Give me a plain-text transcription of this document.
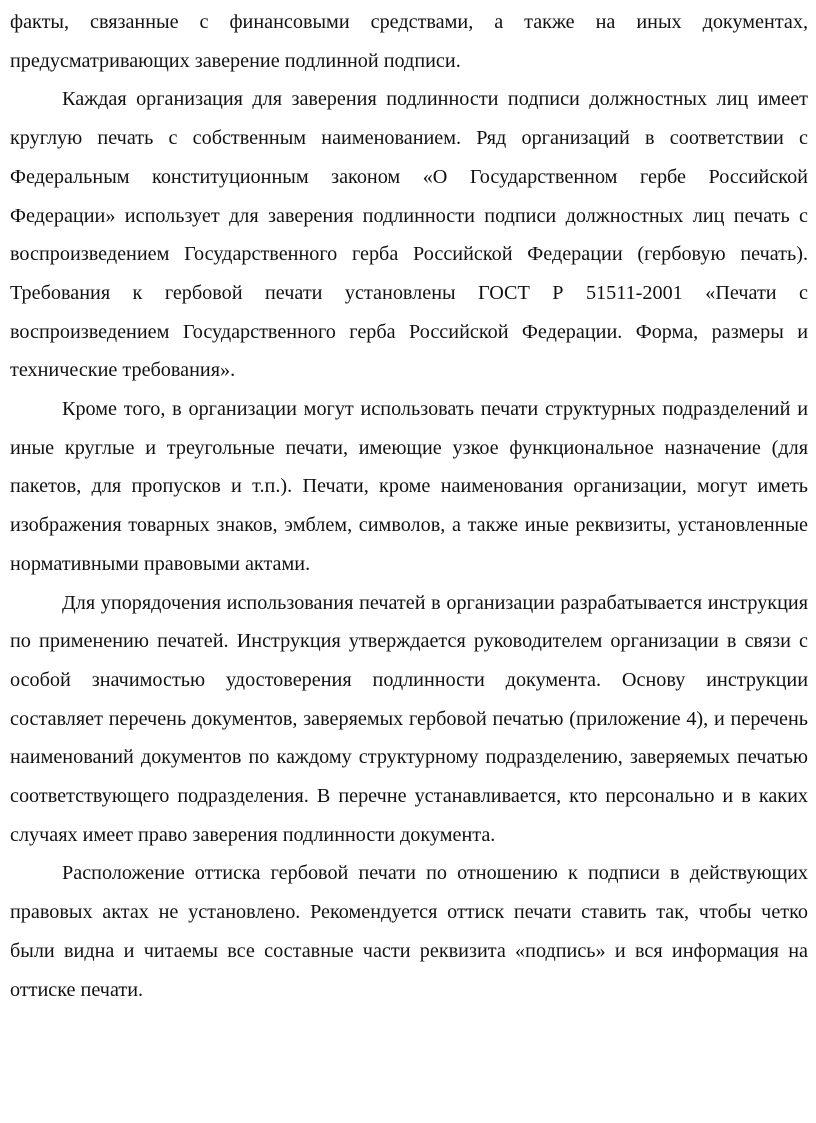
факты, связанные с финансовыми средствами, а также на иных документах, предусматривающих заверение подлинной подписи.

Каждая организация для заверения подлинности подписи должностных лиц имеет круглую печать с собственным наименованием. Ряд организаций в соответствии с Федеральным конституционным законом «О Государственном гербе Российской Федерации» использует для заверения подлинности подписи должностных лиц печать с воспроизведением Государственного герба Российской Федерации (гербовую печать). Требования к гербовой печати установлены ГОСТ Р 51511-2001 «Печати с воспроизведением Государственного герба Российской Федерации. Форма, размеры и технические требования».

Кроме того, в организации могут использовать печати структурных подразделений и иные круглые и треугольные печати, имеющие узкое функциональное назначение (для пакетов, для пропусков и т.п.). Печати, кроме наименования организации, могут иметь изображения товарных знаков, эмблем, символов, а также иные реквизиты, установленные нормативными правовыми актами.

Для упорядочения использования печатей в организации разрабатывается инструкция по применению печатей. Инструкция утверждается руководителем организации в связи с особой значимостью удостоверения подлинности документа. Основу инструкции составляет перечень документов, заверяемых гербовой печатью (приложение 4), и перечень наименований документов по каждому структурному подразделению, заверяемых печатью соответствующего подразделения. В перечне устанавливается, кто персонально и в каких случаях имеет право заверения подлинности документа.

Расположение оттиска гербовой печати по отношению к подписи в действующих правовых актах не установлено. Рекомендуется оттиск печати ставить так, чтобы четко были видна и читаемы все составные части реквизита «подпись» и вся информация на оттиске печати.
